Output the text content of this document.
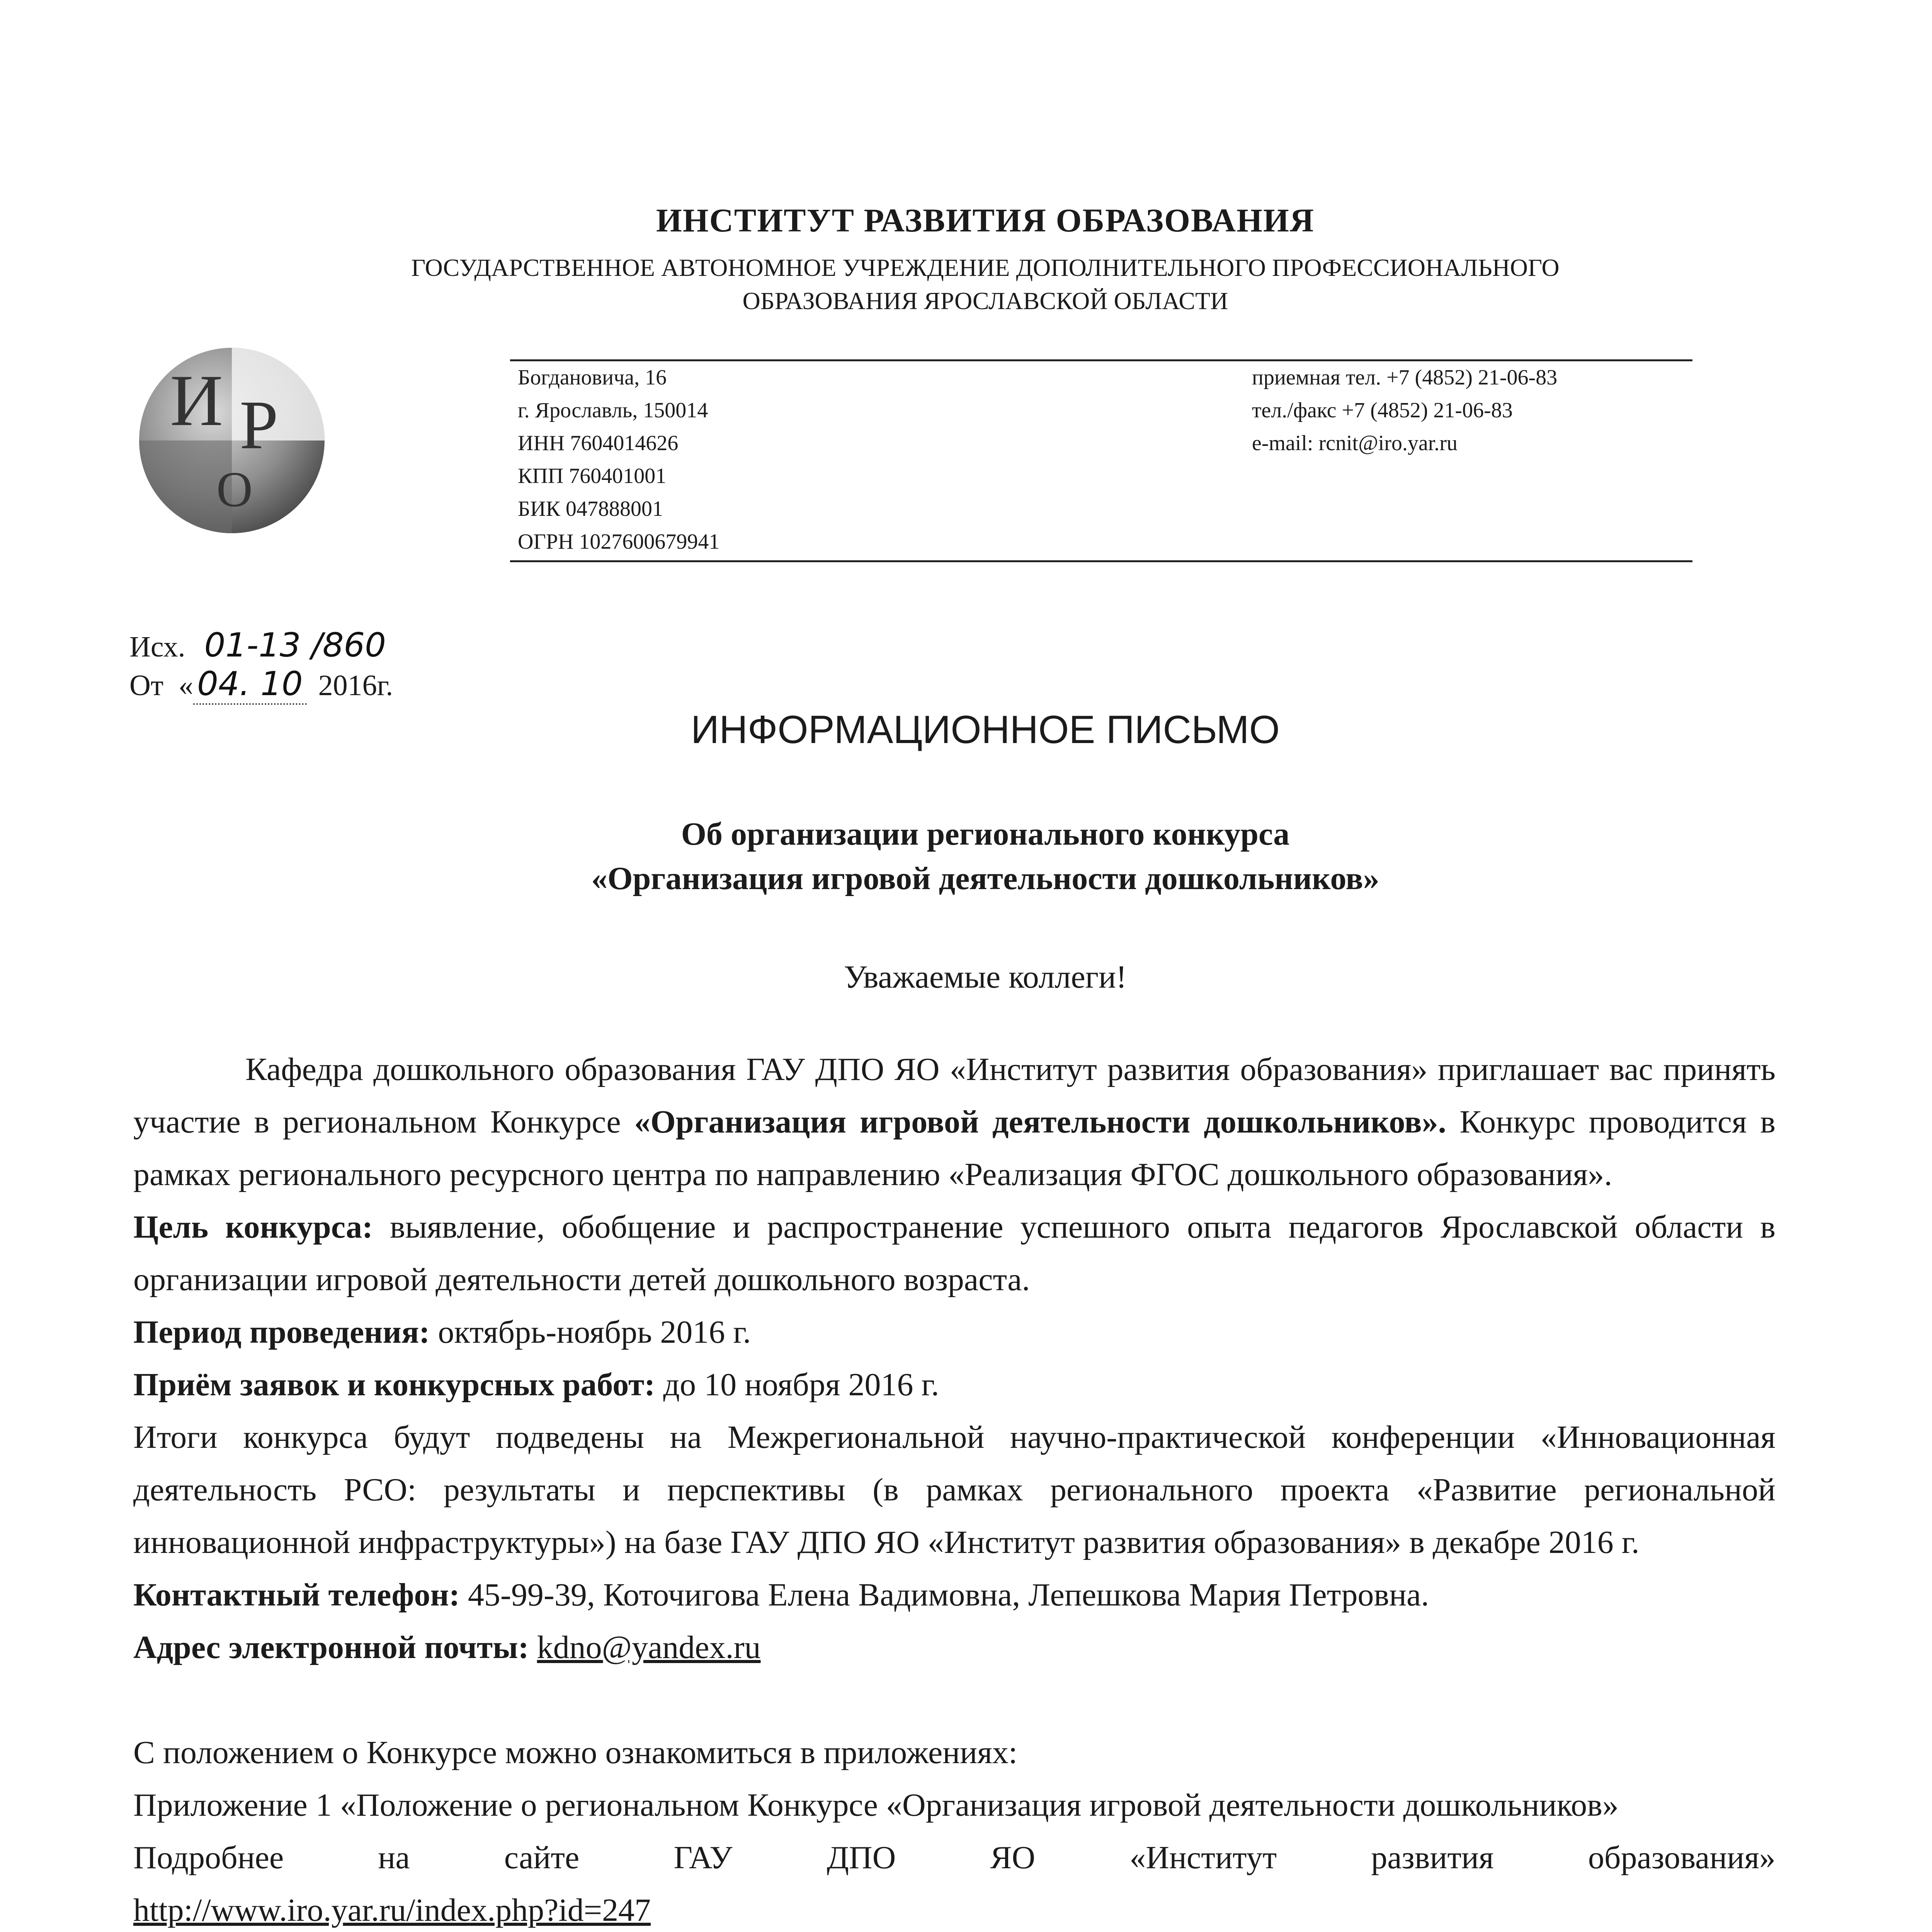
ИНСТИТУТ РАЗВИТИЯ ОБРАЗОВАНИЯ
ГОСУДАРСТВЕННОЕ АВТОНОМНОЕ УЧРЕЖДЕНИЕ ДОПОЛНИТЕЛЬНОГО ПРОФЕССИОНАЛЬНОГО
ОБРАЗОВАНИЯ ЯРОСЛАВСКОЙ ОБЛАСТИ
И Р
О
Богдановича, 16
г. Ярославль, 150014
ИНН 7604014626
КПП 760401001
БИК 047888001
ОГРН 1027600679941
приемная тел. +7 (4852) 21-06-83
тел./факс +7 (4852) 21-06-83
e-mail: rcnit@iro.yar.ru
Исх. 01-13 /860
От « 04. 10 2016г.
ИНФОРМАЦИОННОЕ ПИСЬМО
Об организации регионального конкурса
«Организация игровой деятельности дошкольников»
Уважаемые коллеги!

Кафедра дошкольного образования ГАУ ДПО ЯО «Институт развития образования» приглашает вас принять участие в региональном Конкурсе «Организация игровой деятельности дошкольников». Конкурс проводится в рамках регионального ресурсного центра по направлению «Реализация ФГОС дошкольного образования».

Цель конкурса: выявление, обобщение и распространение успешного опыта педагогов Ярославской области в организации игровой деятельности детей дошкольного возраста.

Период проведения: октябрь-ноябрь 2016 г.

Приём заявок и конкурсных работ: до 10 ноября 2016 г.

Итоги конкурса будут подведены на Межрегиональной научно-практической конференции «Инновационная деятельность РСО: результаты и перспективы (в рамках регионального проекта «Развитие региональной инновационной инфраструктуры») на базе ГАУ ДПО ЯО «Институт развития образования» в декабре 2016 г.

Контактный телефон: 45-99-39, Коточигова Елена Вадимовна, Лепешкова Мария Петровна.

Адрес электронной почты: kdno@yandex.ru

С положением о Конкурсе можно ознакомиться в приложениях:

Приложение 1 «Положение о региональном Конкурсе «Организация игровой деятельности дошкольников»

Подробнее на сайте ГАУ ДПО ЯО «Институт развития образования»

http://www.iro.yar.ru/index.php?id=247
